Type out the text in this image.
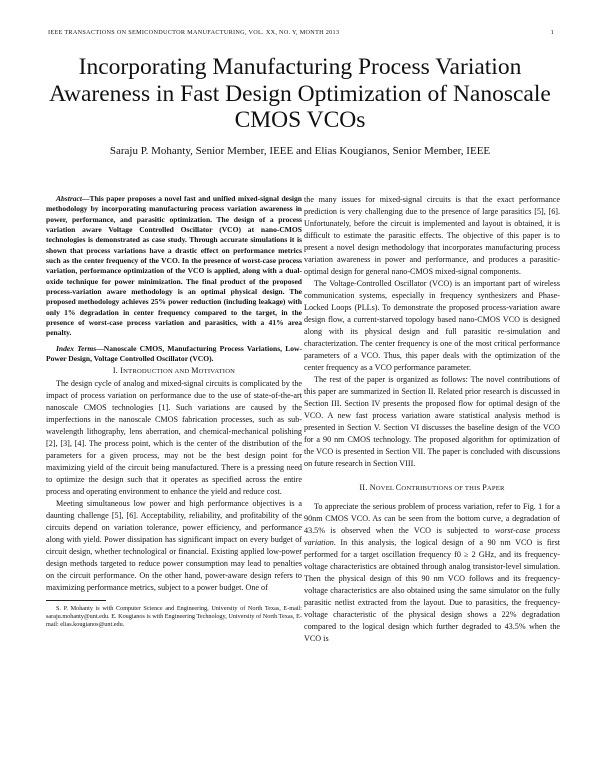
IEEE TRANSACTIONS ON SEMICONDUCTOR MANUFACTURING, VOL. XX, NO. Y, MONTH 2013	1
Incorporating Manufacturing Process Variation Awareness in Fast Design Optimization of Nanoscale CMOS VCOs
Saraju P. Mohanty, Senior Member, IEEE and Elias Kougianos, Senior Member, IEEE

Abstract—This paper proposes a novel fast and unified mixed-signal design methodology by incorporating manufacturing process variation awareness in power, performance, and parasitic optimization. The design of a process variation aware Voltage Controlled Oscillator (VCO) at nano-CMOS technologies is demonstrated as case study. Through accurate simulations it is shown that process variations have a drastic effect on performance metrics such as the center frequency of the VCO. In the presence of worst-case process variation, performance optimization of the VCO is applied, along with a dual-oxide technique for power minimization. The final product of the proposed process-variation aware methodology is an optimal physical design. The proposed methodology achieves 25% power reduction (including leakage) with only 1% degradation in center frequency compared to the target, in the presence of worst-case process variation and parasitics, with a 41% area penalty.

Index Terms—Nanoscale CMOS, Manufacturing Process Variations, Low-Power Design, Voltage Controlled Oscillator (VCO).

I. INTRODUCTION AND MOTIVATION

The design cycle of analog and mixed-signal circuits is complicated by the impact of process variation on performance due to the use of state-of-the-art nanoscale CMOS technologies [1]. Such variations are caused by the imperfections in the nanoscale CMOS fabrication processes, such as sub-wavelength lithography, lens aberration, and chemical-mechanical polishing [2], [3], [4]. The process point, which is the center of the distribution of the parameters for a given process, may not be the best design point for maximizing yield of the circuit being manufactured. There is a pressing need to optimize the design such that it operates as specified across the entire process and operating environment to enhance the yield and reduce cost.

Meeting simultaneous low power and high performance objectives is a daunting challenge [5], [6]. Acceptability, reliability, and profitability of the circuits depend on variation tolerance, power efficiency, and performance along with yield. Power dissipation has significant impact on every budget of circuit design, whether technological or financial. Existing applied low-power design methods targeted to reduce power consumption may lead to penalties on the circuit performance. On the other hand, power-aware design refers to maximizing performance metrics, subject to a power budget. One of

S. P. Mohanty is with Computer Science and Engineering, University of North Texas, E-mail: saraju.mohanty@unt.edu. E. Kougianos is with Engineering Technology, University of North Texas, E-mail: elias.kougianos@unt.edu.

the many issues for mixed-signal circuits is that the exact performance prediction is very challenging due to the presence of large parasitics [5], [6]. Unfortunately, before the circuit is implemented and layout is obtained, it is difficult to estimate the parasitic effects. The objective of this paper is to present a novel design methodology that incorporates manufacturing process variation awareness in power and performance, and produces a parasitic-optimal design for general nano-CMOS mixed-signal components.

The Voltage-Controlled Oscillator (VCO) is an important part of wireless communication systems, especially in frequency synthesizers and Phase-Locked Loops (PLLs). To demonstrate the proposed process-variation aware design flow, a current-starved topology based nano-CMOS VCO is designed along with its physical design and full parasitic re-simulation and characterization. The center frequency is one of the most critical performance parameters of a VCO. Thus, this paper deals with the optimization of the center frequency as a VCO performance parameter.

The rest of the paper is organized as follows: The novel contributions of this paper are summarized in Section II. Related prior research is discussed in Section III. Section IV presents the proposed flow for optimal design of the VCO. A new fast process variation aware statistical analysis method is presented in Section V. Section VI discusses the baseline design of the VCO for a 90 nm CMOS technology. The proposed algorithm for optimization of the VCO is presented in Section VII. The paper is concluded with discussions on future research in Section VIII.

II. NOVEL CONTRIBUTIONS OF THIS PAPER

To appreciate the serious problem of process variation, refer to Fig. 1 for a 90nm CMOS VCO. As can be seen from the bottom curve, a degradation of 43.5% is observed when the VCO is subjected to worst-case process variation. In this analysis, the logical design of a 90 nm VCO is first performed for a target oscillation frequency f0 ≥ 2 GHz, and its frequency-voltage characteristics are obtained through analog transistor-level simulation. Then the physical design of this 90 nm VCO follows and its frequency-voltage characteristics are also obtained using the same simulator on the fully parasitic netlist extracted from the layout. Due to parasitics, the frequency-voltage characteristic of the physical design shows a 22% degradation compared to the logical design which further degraded to 43.5% when the VCO is
